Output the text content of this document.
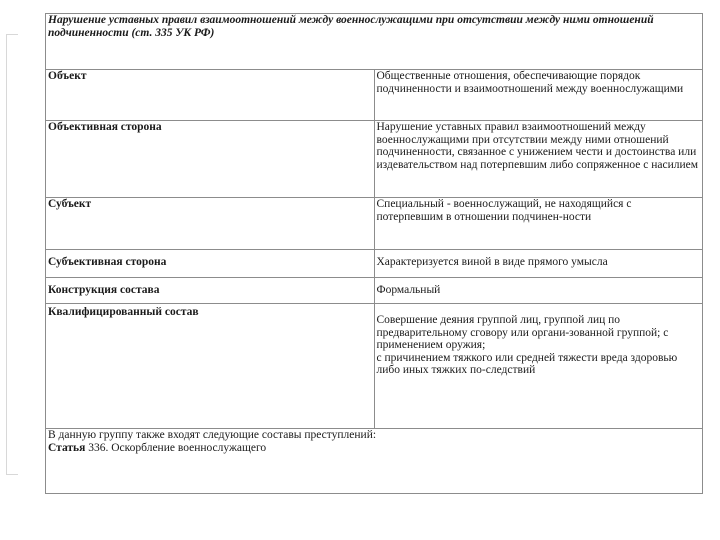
Нарушение уставных правил взаимоотношений между военнослужащими при отсутствии между ними отношений подчиненности (ст. 335 УК РФ)	
Объект	Общественные отношения, обеспечивающие порядок подчиненности и взаимоотношений между военнослужащими
Объективная сторона	Нарушение уставных правил взаимоотношений между военнослужащими при отсутствии между ними отношений подчиненности, связанное с унижением чести и достоинства или издевательством над потерпевшим либо сопряженное с насилием
Субъект	Специальный - военнослужащий, не находящийся с потерпевшим в отношении подчинен-ности
Субъективная сторона	Характеризуется виной в виде прямого умысла
Конструкция состава	Формальный
Квалифицированный состав	Совершение деяния группой лиц, группой лиц по предварительному сговору или органи-зованной группой; с применением оружия;
с причинением тяжкого или средней тяжести вреда здоровью либо иных тяжких по-следствий

В данную группу также входят следующие составы преступлений:
Статья 336. Оскорбление военнослужащего	
